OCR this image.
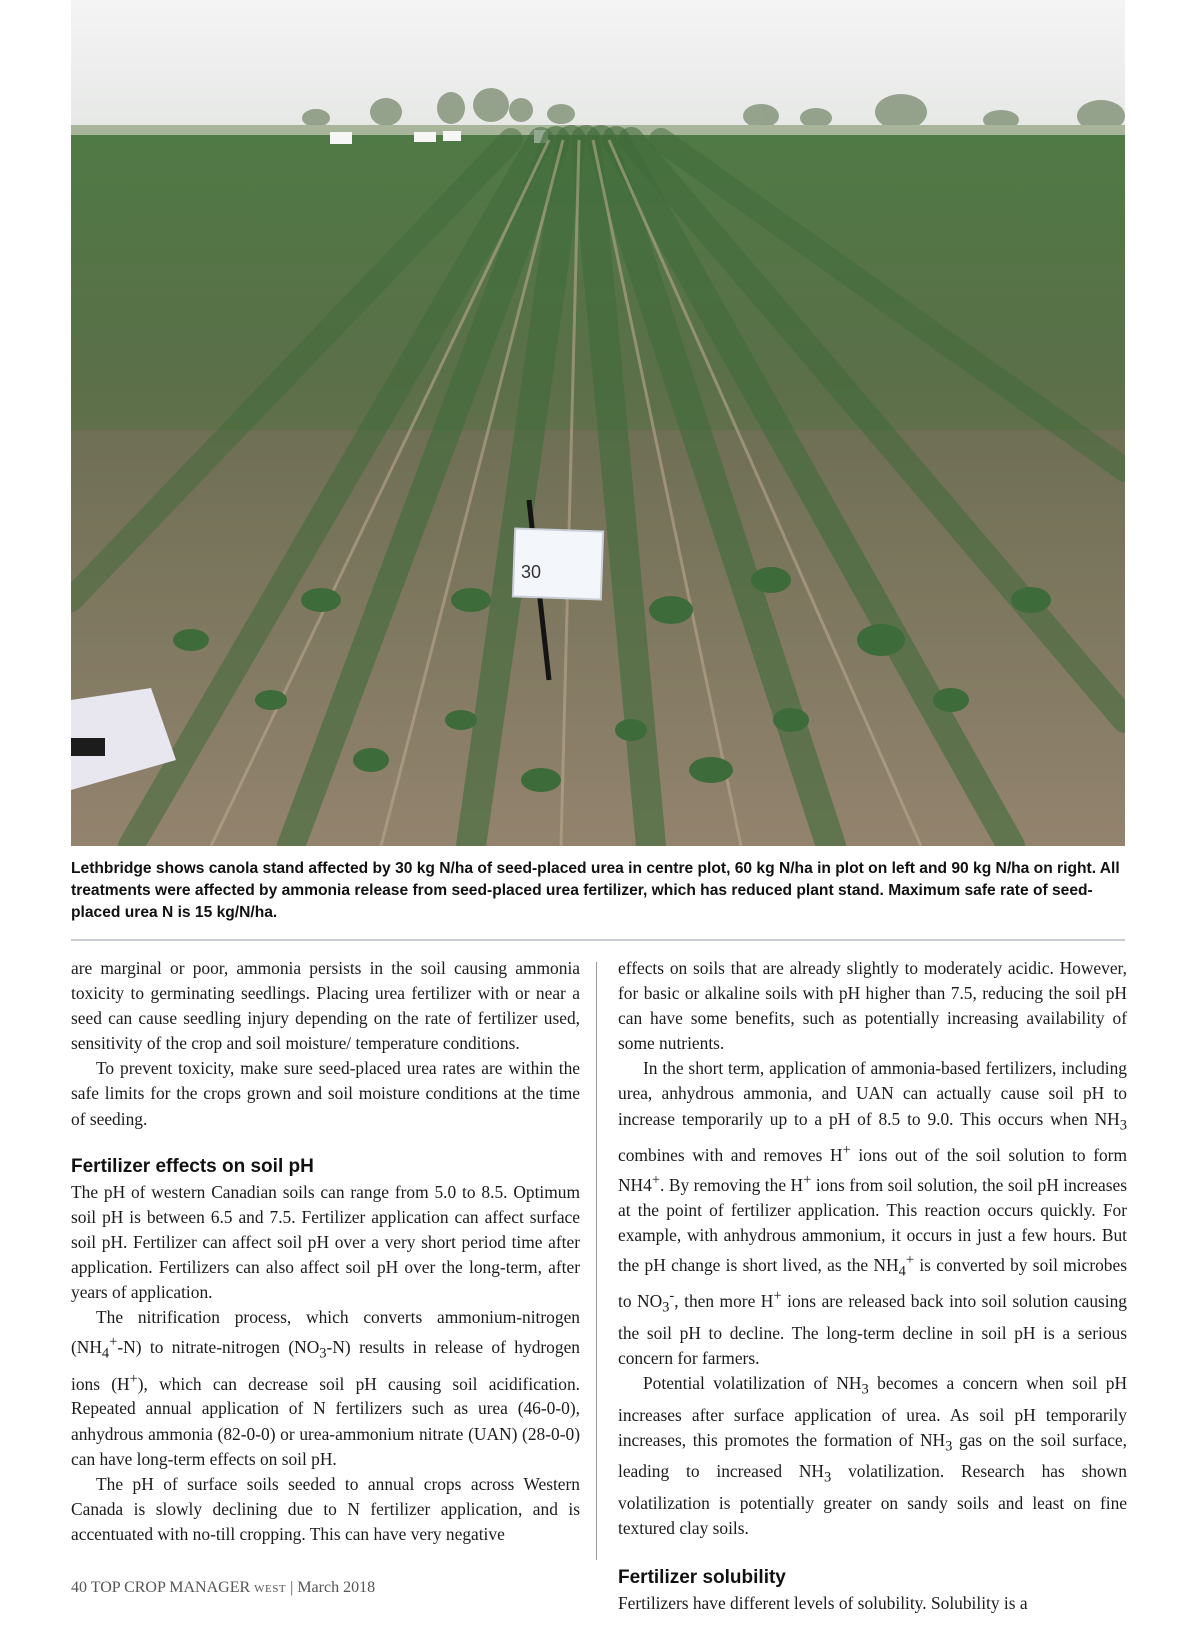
30
Lethbridge shows canola stand affected by 30 kg N/ha of seed-placed urea in centre plot, 60 kg N/ha in plot on left and 90 kg N/ha on right. All treatments were affected by ammonia release from seed-placed urea fertilizer, which has reduced plant stand. Maximum safe rate of seed-placed urea N is 15 kg/N/ha.

are marginal or poor, ammonia persists in the soil causing ammonia toxicity to germinating seedlings. Placing urea fertilizer with or near a seed can cause seedling injury depending on the rate of fertilizer used, sensitivity of the crop and soil moisture/ temperature conditions.

To prevent toxicity, make sure seed-placed urea rates are within the safe limits for the crops grown and soil moisture conditions at the time of seeding.

Fertilizer effects on soil pH

The pH of western Canadian soils can range from 5.0 to 8.5. Optimum soil pH is between 6.5 and 7.5. Fertilizer application can affect surface soil pH. Fertilizer can affect soil pH over a very short period time after application. Fertilizers can also affect soil pH over the long-term, after years of application.

The nitrification process, which converts ammonium-nitrogen $(NH_4^+-N)$ to nitrate-nitrogen $(NO_3-N)$ results in release of hydrogen ions (H+), which can decrease soil pH causing soil acidification. Repeated annual application of N fertilizers such as urea (46-0-0), anhydrous ammonia (82-0-0) or urea-ammonium nitrate (UAN) (28-0-0) can have long-term effects on soil pH.

The pH of surface soils seeded to annual crops across Western Canada is slowly declining due to N fertilizer application, and is accentuated with no-till cropping. This can have very negative

effects on soils that are already slightly to moderately acidic. However, for basic or alkaline soils with pH higher than 7.5, reducing the soil pH can have some benefits, such as potentially increasing availability of some nutrients.

In the short term, application of ammonia-based fertilizers, including urea, anhydrous ammonia, and UAN can actually cause soil pH to increase temporarily up to a pH of 8.5 to 9.0. This occurs when $NH_3$ combines with and removes H+ ions out of the soil solution to form NH4+. By removing the H+ ions from soil solution, the soil pH increases at the point of fertilizer application. This reaction occurs quickly. For example, with anhydrous ammonium, it occurs in just a few hours. But the pH change is short lived, as the $NH_4^+$ is converted by soil microbes to $NO_3^-$, then more H+ ions are released back into soil solution causing the soil pH to decline. The long-term decline in soil pH is a serious concern for farmers.

Potential volatilization of $NH_3$ becomes a concern when soil pH increases after surface application of urea. As soil pH temporarily increases, this promotes the formation of $NH_3$ gas on the soil surface, leading to increased $NH_3$ volatilization. Research has shown volatilization is potentially greater on sandy soils and least on fine textured clay soils.

Fertilizer solubility

Fertilizers have different levels of solubility. Solubility is a

40 TOP CROP MANAGER WEST | March 2018
